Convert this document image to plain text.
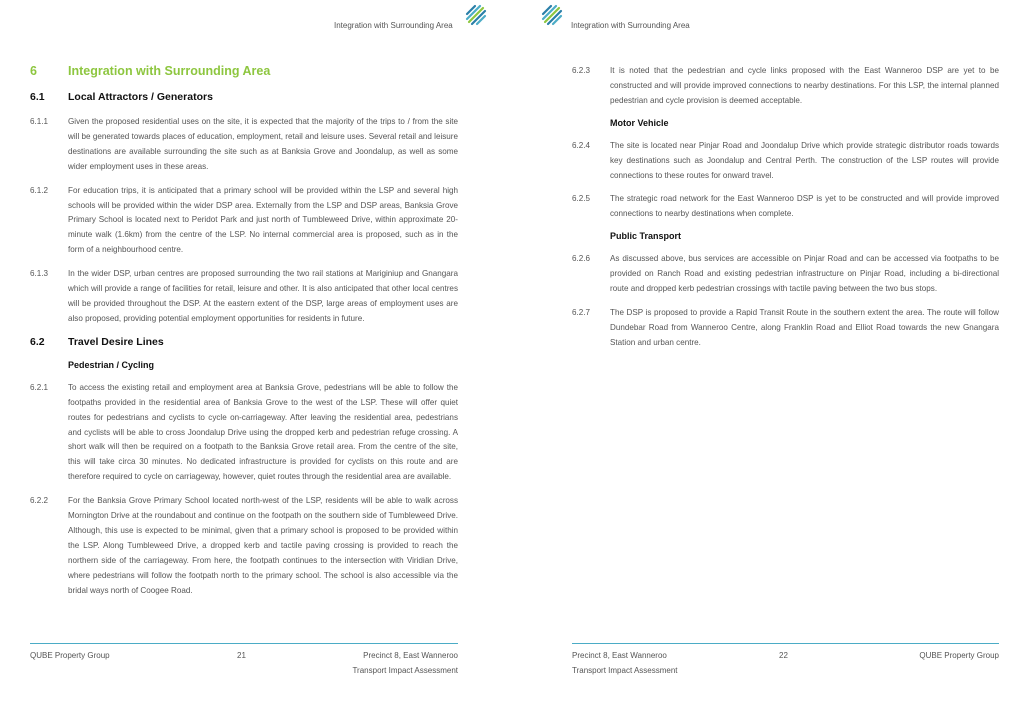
Integration with Surrounding Area
6	Integration with Surrounding Area
6.1	Local Attractors / Generators
6.1.1	Given the proposed residential uses on the site, it is expected that the majority of the trips to / from the site will be generated towards places of education, employment, retail and leisure uses. Several retail and leisure destinations are available surrounding the site such as at Banksia Grove and Joondalup, as well as some wider employment uses in these areas.
6.1.2	For education trips, it is anticipated that a primary school will be provided within the LSP and several high schools will be provided within the wider DSP area. Externally from the LSP and DSP areas, Banksia Grove Primary School is located next to Peridot Park and just north of Tumbleweed Drive, within approximate 20-minute walk (1.6km) from the centre of the LSP. No internal commercial area is proposed, such as in the form of a neighbourhood centre.
6.1.3	In the wider DSP, urban centres are proposed surrounding the two rail stations at Mariginiup and Gnangara which will provide a range of facilities for retail, leisure and other. It is also anticipated that other local centres will be provided throughout the DSP. At the eastern extent of the DSP, large areas of employment uses are also proposed, providing potential employment opportunities for residents in future.
6.2	Travel Desire Lines
Pedestrian / Cycling
6.2.1	To access the existing retail and employment area at Banksia Grove, pedestrians will be able to follow the footpaths provided in the residential area of Banksia Grove to the west of the LSP. These will offer quiet routes for pedestrians and cyclists to cycle on-carriageway. After leaving the residential area, pedestrians and cyclists will be able to cross Joondalup Drive using the dropped kerb and pedestrian refuge crossing. A short walk will then be required on a footpath to the Banksia Grove retail area. From the centre of the site, this will take circa 30 minutes. No dedicated infrastructure is provided for cyclists on this route and are therefore required to cycle on carriageway, however, quiet routes through the residential area are available.
6.2.2	For the Banksia Grove Primary School located north-west of the LSP, residents will be able to walk across Mornington Drive at the roundabout and continue on the footpath on the southern side of Tumbleweed Drive. Although, this use is expected to be minimal, given that a primary school is proposed to be provided within the LSP. Along Tumbleweed Drive, a dropped kerb and tactile paving crossing is provided to reach the northern side of the carriageway. From here, the footpath continues to the intersection with Viridian Drive, where pedestrians will follow the footpath north to the primary school. The school is also accessible via the bridal ways north of Coogee Road.
QUBE Property Group	21	Precinct 8, East Wanneroo
Transport Impact Assessment
Integration with Surrounding Area
6.2.3	It is noted that the pedestrian and cycle links proposed with the East Wanneroo DSP are yet to be constructed and will provide improved connections to nearby destinations. For this LSP, the internal planned pedestrian and cycle provision is deemed acceptable.
Motor Vehicle
6.2.4	The site is located near Pinjar Road and Joondalup Drive which provide strategic distributor roads towards key destinations such as Joondalup and Central Perth. The construction of the LSP routes will provide connections to these routes for onward travel.
6.2.5	The strategic road network for the East Wanneroo DSP is yet to be constructed and will provide improved connections to nearby destinations when complete.
Public Transport
6.2.6	As discussed above, bus services are accessible on Pinjar Road and can be accessed via footpaths to be provided on Ranch Road and existing pedestrian infrastructure on Pinjar Road, including a bi-directional route and dropped kerb pedestrian crossings with tactile paving between the two bus stops.
6.2.7	The DSP is proposed to provide a Rapid Transit Route in the southern extent the area. The route will follow Dundebar Road from Wanneroo Centre, along Franklin Road and Elliot Road towards the new Gnangara Station and urban centre.
Precinct 8, East Wanneroo
Transport Impact Assessment
22	QUBE Property Group
